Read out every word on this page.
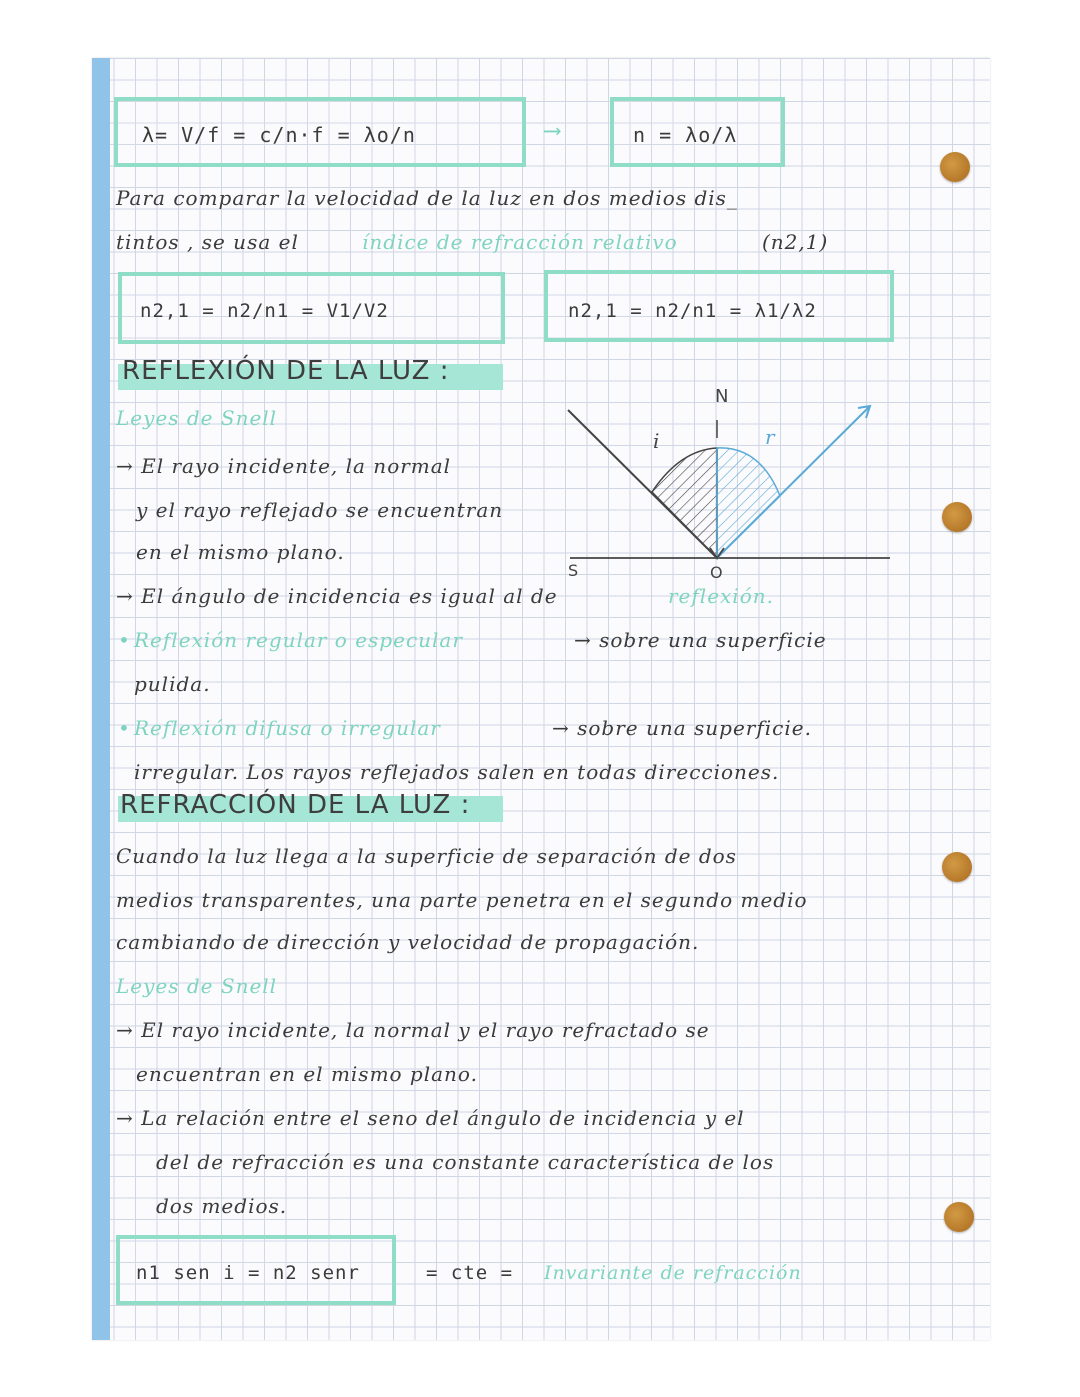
λ= V/f = c/n·f = λo/n	⟶	n = λo/λ
Para comparar la velocidad de la luz en dos medios dis_
tintos , se usa el	índice de refracción relativo	(n2,1)
n2,1 = n2/n1 = V1/V2	n2,1 = n2/n1 = λ1/λ2
REFLEXIÓN DE LA LUZ :
Leyes de Snell
→ El rayo incidente, la normal
y el rayo reflejado se encuentran
en el mismo plano.
→ El ángulo de incidencia es igual al de	reflexión.
• Reflexión regular o especular	→ sobre una superficie
pulida.
• Reflexión difusa o irregular	→ sobre una superficie.
irregular. Los rayos reflejados salen en todas direcciones.
N
i	r
S	O
REFRACCIÓN DE LA LUZ :
Cuando la luz llega a la superficie de separación de dos
medios transparentes, una parte penetra en el segundo medio
cambiando de dirección y velocidad de propagación.
Leyes de Snell
→ El rayo incidente, la normal y el rayo refractado se
encuentran en el mismo plano.
→ La relación entre el seno del ángulo de incidencia y el
del de refracción es una constante característica de los
dos medios.
n1 sen i = n2 senr	= cte = Invariante de refracción
